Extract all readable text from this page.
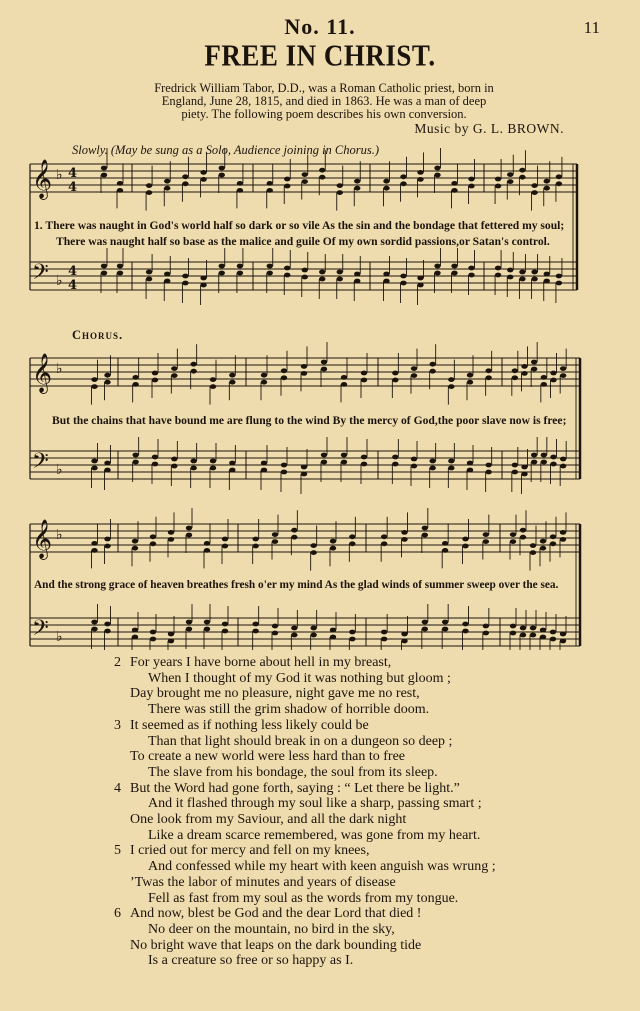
No. 11.	11
FREE IN CHRIST.
Fredrick William Tabor, D.D., was a Roman Catholic priest, born in
England, June 28, 1815, and died in 1863. He was a man of deep
piety. The following poem describes his own conversion.
Music by G. L. BROWN.
Slowly. (May be sung as a Solo, Audience joining in Chorus.)
𝄞 ♭ 4
4
𝄢 ♭
4
4
𝄞 ♭
𝄢 ♭
𝄞 ♭
𝄢 ♭
1. There was naught in God's world half so dark or so vile As the sin and the bondage that fettered my soul;
There was naught half so base as the malice and guile Of my own sordid passions,or Satan's control.
Chorus.
But the chains that have bound me are flung to the wind By the mercy of God,the poor slave now is free;
And the strong grace of heaven breathes fresh o'er my mind As the glad winds of summer sweep over the sea.
2 For years I have borne about hell in my breast,
When I thought of my God it was nothing but gloom ;
Day brought me no pleasure, night gave me no rest,
There was still the grim shadow of horrible doom.
3 It seemed as if nothing less likely could be
Than that light should break in on a dungeon so deep ;
To create a new world were less hard than to free
The slave from his bondage, the soul from its sleep.
4 But the Word had gone forth, saying : “ Let there be light.”
And it flashed through my soul like a sharp, passing smart ;
One look from my Saviour, and all the dark night
Like a dream scarce remembered, was gone from my heart.
5 I cried out for mercy and fell on my knees,
And confessed while my heart with keen anguish was wrung ;
’Twas the labor of minutes and years of disease
Fell as fast from my soul as the words from my tongue.
6 And now, blest be God and the dear Lord that died !
No deer on the mountain, no bird in the sky,
No bright wave that leaps on the dark bounding tide
Is a creature so free or so happy as I.
